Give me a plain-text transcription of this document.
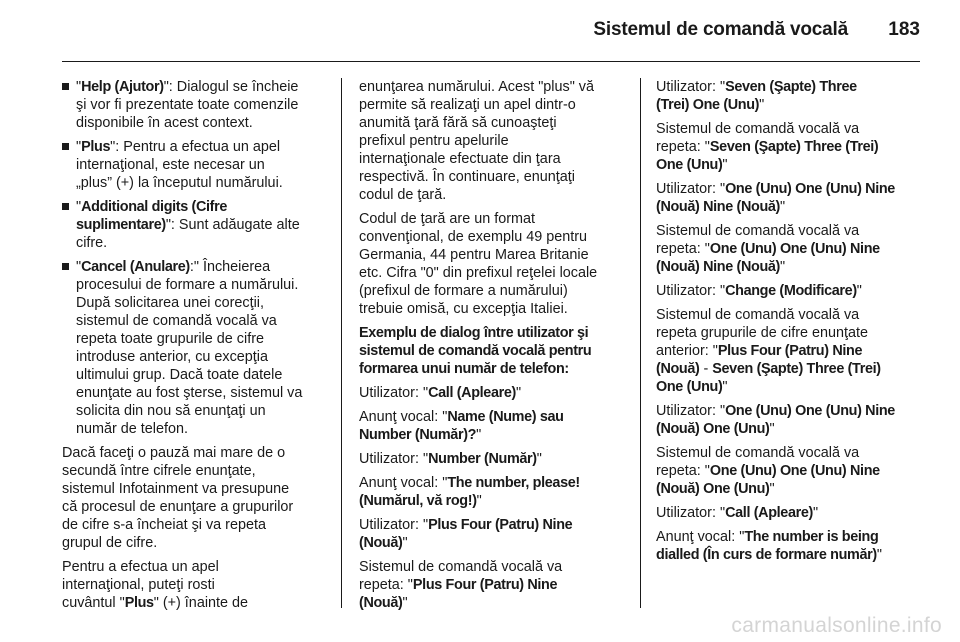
Sistemul de comandă vocală 183
"Help (Ajutor)": Dialogul se încheie
şi vor fi prezentate toate comenzile
disponibile în acest context.
"Plus": Pentru a efectua un apel
internaţional, este necesar un
„plus” (+) la începutul numărului.
"Additional digits (Cifre
suplimentare)": Sunt adăugate alte
cifre.
"Cancel (Anulare):" Încheierea
procesului de formare a numărului.
După solicitarea unei corecţii,
sistemul de comandă vocală va
repeta toate grupurile de cifre
introduse anterior, cu excepţia
ultimului grup. Dacă toate datele
enunţate au fost şterse, sistemul va
solicita din nou să enunţaţi un
număr de telefon.

Dacă faceţi o pauză mai mare de o
secundă între cifrele enunţate,
sistemul Infotainment va presupune
că procesul de enunţare a grupurilor
de cifre s-a încheiat şi va repeta
grupul de cifre.

Pentru a efectua un apel
internaţional, puteţi rosti
cuvântul "Plus" (+) înainte de

enunţarea numărului. Acest "plus" vă
permite să realizaţi un apel dintr-o
anumită ţară fără să cunoaşteţi
prefixul pentru apelurile
internaţionale efectuate din ţara
respectivă. În continuare, enunţaţi
codul de ţară.

Codul de ţară are un format
convenţional, de exemplu 49 pentru
Germania, 44 pentru Marea Britanie
etc. Cifra "0" din prefixul reţelei locale
(prefixul de formare a numărului)
trebuie omisă, cu excepţia Italiei.

Exemplu de dialog între utilizator şi
sistemul de comandă vocală pentru
formarea unui număr de telefon:

Utilizator: "Call (Apleare)"

Anunţ vocal: "Name (Nume) sau
Number (Număr)?"

Utilizator: "Number (Număr)"

Anunţ vocal: "The number, please!
(Numărul, vă rog!)"

Utilizator: "Plus Four (Patru) Nine
(Nouă)"

Sistemul de comandă vocală va
repeta: "Plus Four (Patru) Nine
(Nouă)"

Utilizator: "Seven (Şapte) Three
(Trei) One (Unu)"

Sistemul de comandă vocală va
repeta: "Seven (Şapte) Three (Trei)
One (Unu)"

Utilizator: "One (Unu) One (Unu) Nine
(Nouă) Nine (Nouă)"

Sistemul de comandă vocală va
repeta: "One (Unu) One (Unu) Nine
(Nouă) Nine (Nouă)"

Utilizator: "Change (Modificare)"

Sistemul de comandă vocală va
repeta grupurile de cifre enunţate
anterior: "Plus Four (Patru) Nine
(Nouă) - Seven (Şapte) Three (Trei)
One (Unu)"

Utilizator: "One (Unu) One (Unu) Nine
(Nouă) One (Unu)"

Sistemul de comandă vocală va
repeta: "One (Unu) One (Unu) Nine
(Nouă) One (Unu)"

Utilizator: "Call (Apleare)"

Anunţ vocal: "The number is being
dialled (În curs de formare număr)"

carmanualsonline.info
